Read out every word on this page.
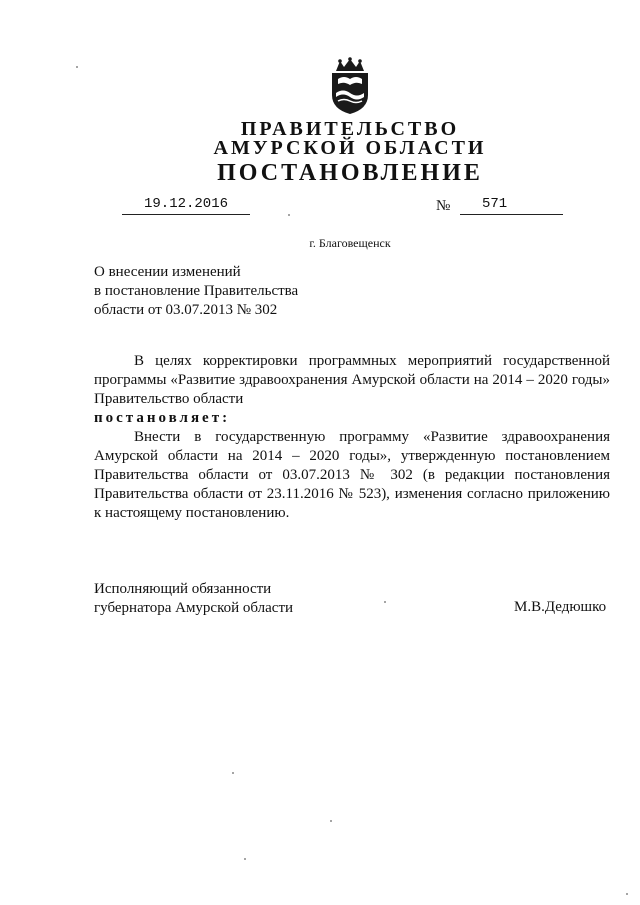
ПРАВИТЕЛЬСТВО
АМУРСКОЙ ОБЛАСТИ
ПОСТАНОВЛЕНИЕ
19.12.2016	№	571
г. Благовещенск
О внесении изменений
в постановление Правительства
области от 03.07.2013 № 302
В целях корректировки программных мероприятий государственной программы «Развитие здравоохранения Амурской области на 2014 – 2020 годы» Правительство области
постановляет:
Внести в государственную программу «Развитие здравоохранения Амурской области на 2014 – 2020 годы», утвержденную постановлением Правительства области от 03.07.2013 № 302 (в редакции постановления Правительства области от 23.11.2016 № 523), изменения согласно приложению к настоящему постановлению.
Исполняющий обязанности
губернатора Амурской области	М.В.Дедюшко
